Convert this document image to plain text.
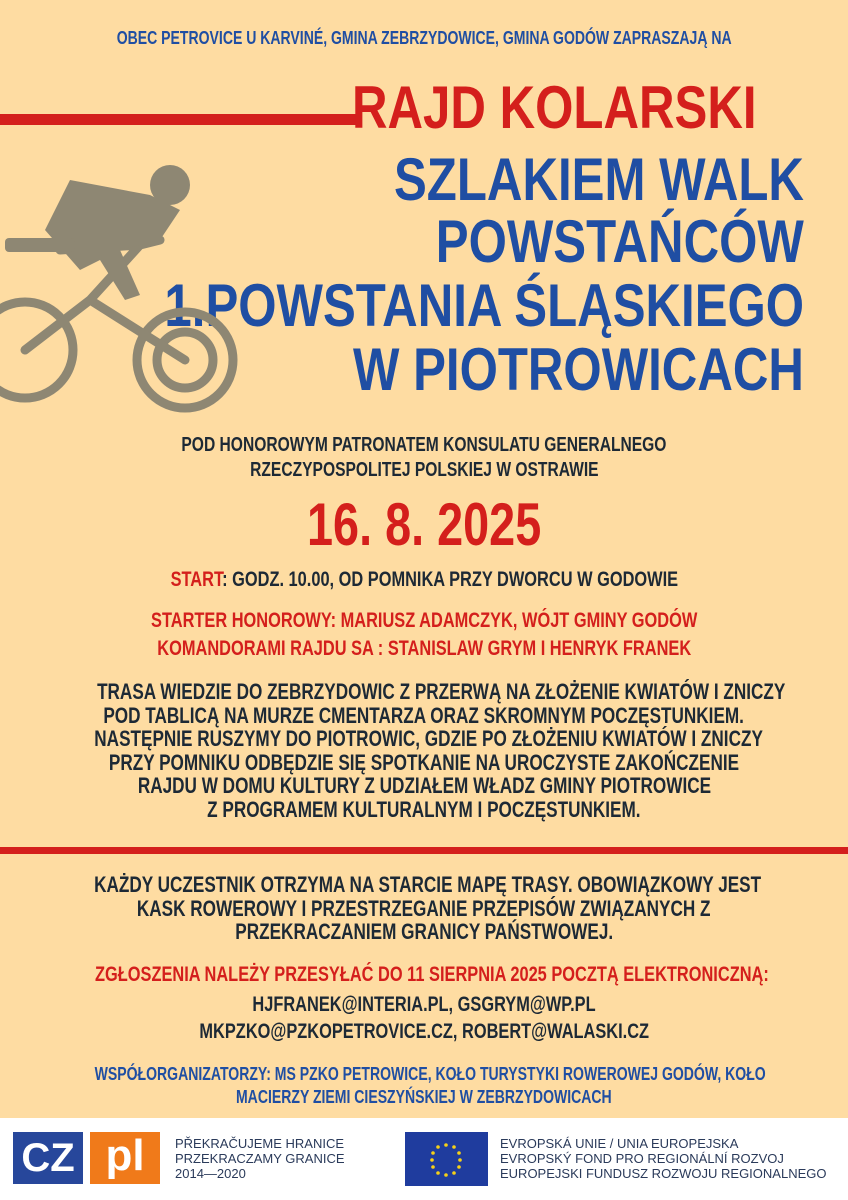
OBEC PETROVICE U KARVINÉ, GMINA ZEBRZYDOWICE, GMINA GODÓW ZAPRASZAJĄ NA
RAJD KOLARSKI
SZLAKIEM WALK
POWSTAŃCÓW
1.POWSTANIA ŚLĄSKIEGO
W PIOTROWICACH
POD HONOROWYM PATRONATEM KONSULATU GENERALNEGO
RZECZYPOSPOLITEJ POLSKIEJ W OSTRAWIE
16. 8. 2025
START: GODZ. 10.00, OD POMNIKA PRZY DWORCU W GODOWIE
STARTER HONOROWY: MARIUSZ ADAMCZYK, WÓJT GMINY GODÓW
KOMANDORAMI RAJDU SA : STANISLAW GRYM I HENRYK FRANEK
TRASA WIEDZIE DO ZEBRZYDOWIC Z PRZERWĄ NA ZŁOŻENIE KWIATÓW I ZNICZY
POD TABLICĄ NA MURZE CMENTARZA ORAZ SKROMNYM POCZĘSTUNKIEM.
NASTĘPNIE RUSZYMY DO PIOTROWIC, GDZIE PO ZŁOŻENIU KWIATÓW I ZNICZY
PRZY POMNIKU ODBĘDZIE SIĘ SPOTKANIE NA UROCZYSTE ZAKOŃCZENIE
RAJDU W DOMU KULTURY Z UDZIAŁEM WŁADZ GMINY PIOTROWICE
Z PROGRAMEM KULTURALNYM I POCZĘSTUNKIEM.
KAŻDY UCZESTNIK OTRZYMA NA STARCIE MAPĘ TRASY. OBOWIĄZKOWY JEST
KASK ROWEROWY I PRZESTRZEGANIE PRZEPISÓW ZWIĄZANYCH Z
PRZEKRACZANIEM GRANICY PAŃSTWOWEJ.
ZGŁOSZENIA NALEŻY PRZESYŁAĆ DO 11 SIERPNIA 2025 POCZTĄ ELEKTRONICZNĄ:
HJFRANEK@INTERIA.PL, GSGRYM@WP.PL
MKPZKO@PZKOPETROVICE.CZ, ROBERT@WALASKI.CZ
WSPÓŁORGANIZATORZY: MS PZKO PETROWICE, KOŁO TURYSTYKI ROWEROWEJ GODÓW, KOŁO
MACIERZY ZIEMI CIESZYŃSKIEJ W ZEBRZYDOWICACH
CZ pl	PŘEKRAČUJEME HRANICE
PRZEKRACZAMY GRANICE
2014—2020
EVROPSKÁ UNIE / UNIA EUROPEJSKA
EVROPSKÝ FOND PRO REGIONÁLNÍ ROZVOJ
EUROPEJSKI FUNDUSZ ROZWOJU REGIONALNEGO
